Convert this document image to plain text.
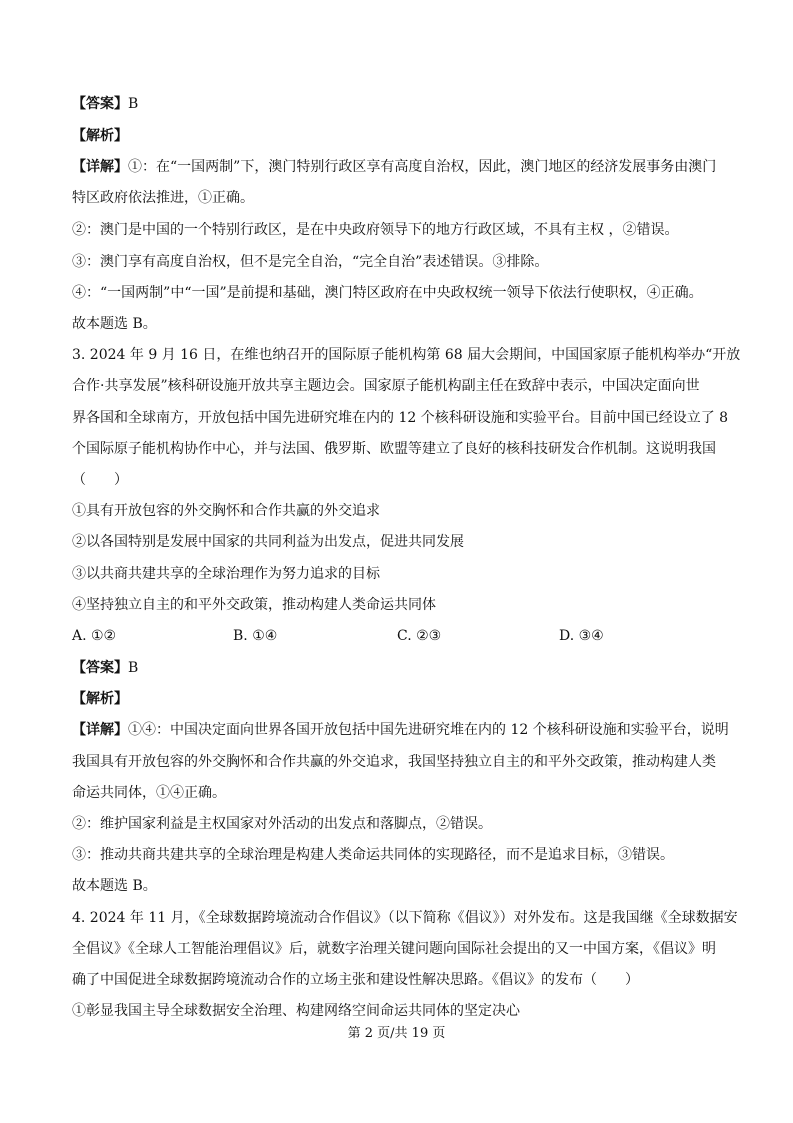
【答案】B
【解析】
【详解】①：在“一国两制”下，澳门特别行政区享有高度自治权，因此，澳门地区的经济发展事务由澳门
特区政府依法推进，①正确。
②：澳门是中国的一个特别行政区，是在中央政府领导下的地方行政区域，不具有主权 ，②错误。
③：澳门享有高度自治权，但不是完全自治，“完全自治”表述错误。③排除。
④：“一国两制”中“一国”是前提和基础，澳门特区政府在中央政权统一领导下依法行使职权，④正确。
故本题选 B。
3. 2024 年 9 月 16 日，在维也纳召开的国际原子能机构第 68 届大会期间，中国国家原子能机构举办“开放
合作·共享发展”核科研设施开放共享主题边会。国家原子能机构副主任在致辞中表示，中国决定面向世
界各国和全球南方，开放包括中国先进研究堆在内的 12 个核科研设施和实验平台。目前中国已经设立了 8
个国际原子能机构协作中心，并与法国、俄罗斯、欧盟等建立了良好的核科技研发合作机制。这说明我国
（　　）
①具有开放包容的外交胸怀和合作共赢的外交追求
②以各国特别是发展中国家的共同利益为出发点，促进共同发展
③以共商共建共享的全球治理作为努力追求的目标
④坚持独立自主的和平外交政策，推动构建人类命运共同体
A. ①②	B. ①④	C. ②③	D. ③④
【答案】B
【解析】
【详解】①④：中国决定面向世界各国开放包括中国先进研究堆在内的 12 个核科研设施和实验平台，说明
我国具有开放包容的外交胸怀和合作共赢的外交追求，我国坚持独立自主的和平外交政策，推动构建人类
命运共同体，①④正确。
②：维护国家利益是主权国家对外活动的出发点和落脚点，②错误。
③：推动共商共建共享的全球治理是构建人类命运共同体的实现路径，而不是追求目标，③错误。
故本题选 B。
4. 2024 年 11 月，《全球数据跨境流动合作倡议》（以下简称《倡议》）对外发布。这是我国继《全球数据安
全倡议》《全球人工智能治理倡议》后，就数字治理关键问题向国际社会提出的又一中国方案，《倡议》明
确了中国促进全球数据跨境流动合作的立场主张和建设性解决思路。《倡议》的发布（　　）
①彰显我国主导全球数据安全治理、构建网络空间命运共同体的坚定决心
第 2 页/共 19 页
